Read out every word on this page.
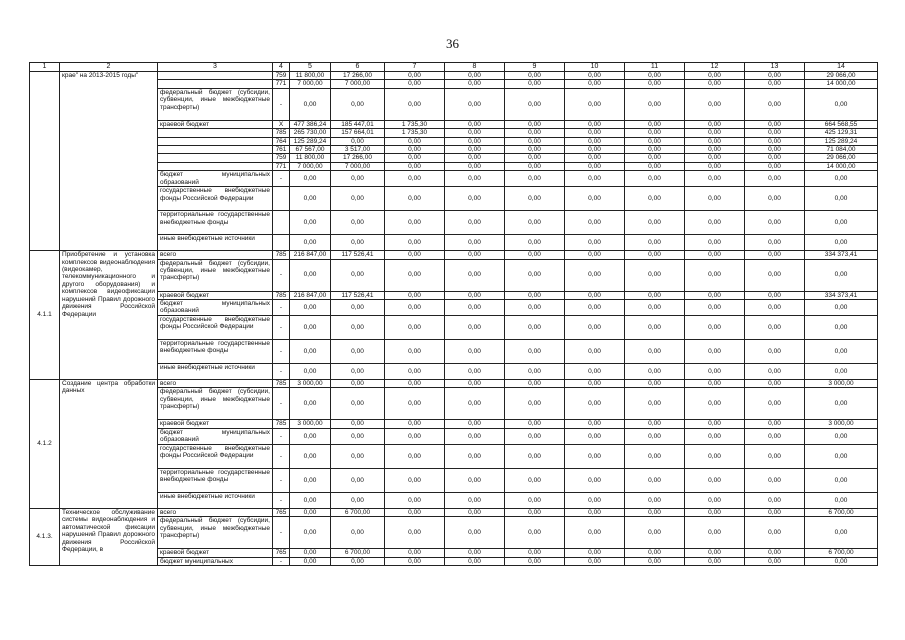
36
1	2	3	4	5	6	7	8	9	10	11	12	13	14
	крае" на 2013-2015 годы"		759	11 800,00	17 266,00	0,00	0,00	0,00	0,00	0,00	0,00	0,00	29 066,00
			771	7 000,00	7 000,00	0,00	0,00	0,00	0,00	0,00	0,00	0,00	14 000,00
		федеральный бюджет (субсидии, субвенции, иные межбюджетные трансферты)	-	0,00	0,00	0,00	0,00	0,00	0,00	0,00	0,00	0,00	0,00
		краевой бюджет	Х	477 386,24	185 447,01	1 735,30	0,00	0,00	0,00	0,00	0,00	0,00	664 568,55
			785	265 730,00	157 664,01	1 735,30	0,00	0,00	0,00	0,00	0,00	0,00	425 129,31
			764	125 289,24	0,00	0,00	0,00	0,00	0,00	0,00	0,00	0,00	125 289,24
			761	67 567,00	3 517,00	0,00	0,00	0,00	0,00	0,00	0,00	0,00	71 084,00
			759	11 800,00	17 266,00	0,00	0,00	0,00	0,00	0,00	0,00	0,00	29 066,00
			771	7 000,00	7 000,00	0,00	0,00	0,00	0,00	0,00	0,00	0,00	14 000,00
		бюджет муниципальных образований	-	0,00	0,00	0,00	0,00	0,00	0,00	0,00	0,00	0,00	0,00
		государственные внебюджетные фонды Российской Федерации		0,00	0,00	0,00	0,00	0,00	0,00	0,00	0,00	0,00	0,00
		территориальные государственные внебюджетные фонды		0,00	0,00	0,00	0,00	0,00	0,00	0,00	0,00	0,00	0,00
		иные внебюджетные источники		0,00	0,00	0,00	0,00	0,00	0,00	0,00	0,00	0,00	0,00
4.1.1	Приобретение и установка комплексов видеонаблюдения (видеокамер, телекоммуникационного и другого оборудования) и комплексов видеофиксации нарушений Правил дорожного движения Российской Федерации	всего	785	216 847,00	117 526,41	0,00	0,00	0,00	0,00	0,00	0,00	0,00	334 373,41
		федеральный бюджет (субсидии, субвенции, иные межбюджетные трансферты)	-	0,00	0,00	0,00	0,00	0,00	0,00	0,00	0,00	0,00	0,00
		краевой бюджет	785	216 847,00	117 526,41	0,00	0,00	0,00	0,00	0,00	0,00	0,00	334 373,41
		бюджет муниципальных образований	-	0,00	0,00	0,00	0,00	0,00	0,00	0,00	0,00	0,00	0,00
		государственные внебюджетные фонды Российской Федерации	-	0,00	0,00	0,00	0,00	0,00	0,00	0,00	0,00	0,00	0,00
		территориальные государственные внебюджетные фонды	-	0,00	0,00	0,00	0,00	0,00	0,00	0,00	0,00	0,00	0,00
		иные внебюджетные источники	-	0,00	0,00	0,00	0,00	0,00	0,00	0,00	0,00	0,00	0,00
4.1.2	Создание центра обработки данных	всего	785	3 000,00	0,00	0,00	0,00	0,00	0,00	0,00	0,00	0,00	3 000,00
		федеральный бюджет (субсидии, субвенции, иные межбюджетные трансферты)	-	0,00	0,00	0,00	0,00	0,00	0,00	0,00	0,00	0,00	0,00
		краевой бюджет	785	3 000,00	0,00	0,00	0,00	0,00	0,00	0,00	0,00	0,00	3 000,00
		бюджет муниципальных образований	-	0,00	0,00	0,00	0,00	0,00	0,00	0,00	0,00	0,00	0,00
		государственные внебюджетные фонды Российской Федерации	-	0,00	0,00	0,00	0,00	0,00	0,00	0,00	0,00	0,00	0,00
		территориальные государственные внебюджетные фонды	-	0,00	0,00	0,00	0,00	0,00	0,00	0,00	0,00	0,00	0,00
		иные внебюджетные источники	-	0,00	0,00	0,00	0,00	0,00	0,00	0,00	0,00	0,00	0,00
4.1.3.	Техническое обслуживание системы видеонаблюдения и автоматической фиксации нарушений Правил дорожного движения Российской Федерации, в	всего	765	0,00	6 700,00	0,00	0,00	0,00	0,00	0,00	0,00	0,00	6 700,00
		федеральный бюджет (субсидии, субвенции, иные межбюджетные трансферты)	-	0,00	0,00	0,00	0,00	0,00	0,00	0,00	0,00	0,00	0,00
		краевой бюджет	765	0,00	6 700,00	0,00	0,00	0,00	0,00	0,00	0,00	0,00	6 700,00
		бюджет муниципальных	-	0,00	0,00	0,00	0,00	0,00	0,00	0,00	0,00	0,00	0,00
